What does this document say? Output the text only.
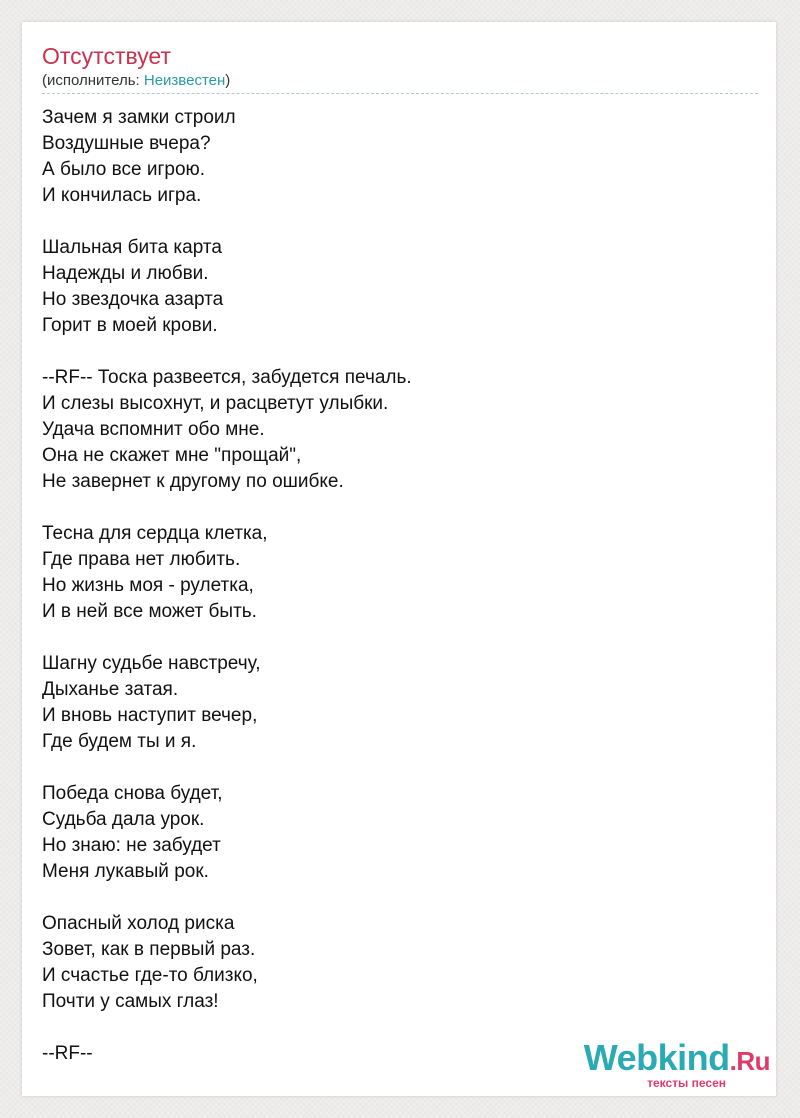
Отсутствует
(исполнитель: Неизвестен)
Зачем я замки строил
Воздушные вчера?
А было все игрою.
И кончилась игра.
Шальная бита карта
Надежды и любви.
Но звездочка азарта
Горит в моей крови.
--RF-- Тоска развеется, забудется печаль.
И слезы высохнут, и расцветут улыбки.
Удача вспомнит обо мне.
Она не скажет мне "прощай",
Не завернет к другому по ошибке.
Тесна для сердца клетка,
Где права нет любить.
Но жизнь моя - рулетка,
И в ней все может быть.
Шагну судьбе навстречу,
Дыханье затая.
И вновь наступит вечер,
Где будем ты и я.
Победа снова будет,
Судьба дала урок.
Но знаю: не забудет
Меня лукавый рок.
Опасный холод риска
Зовет, как в первый раз.
И счастье где-то близко,
Почти у самых глаз!
--RF--	Webkind.Ru
тексты песен
